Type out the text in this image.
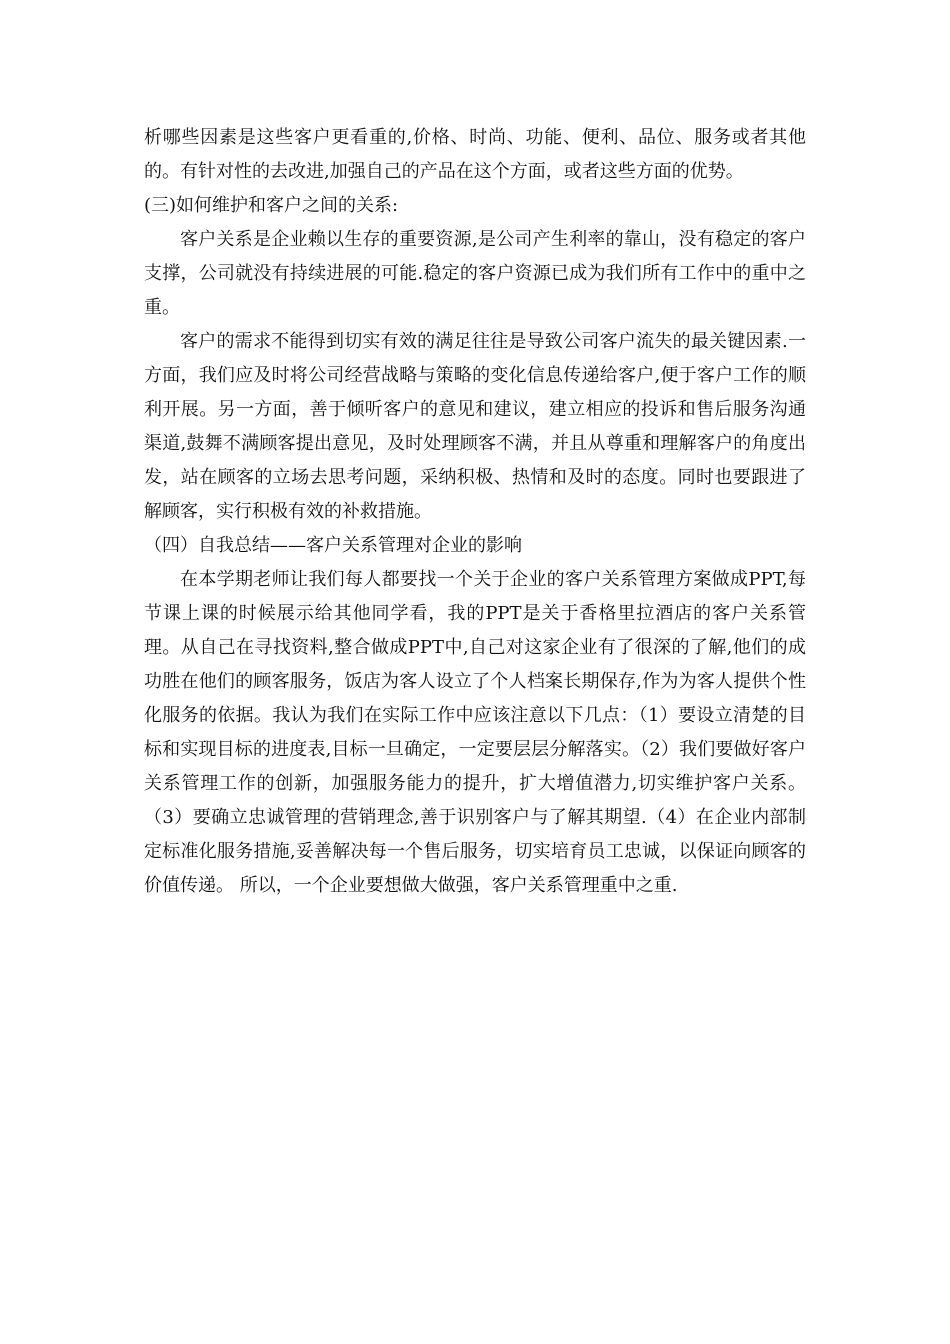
析哪些因素是这些客户更看重的,价格、时尚、功能、便利、品位、服务或者其他的。有针对性的去改进,加强自己的产品在这个方面，或者这些方面的优势。

(三)如何维护和客户之间的关系:

客户关系是企业赖以生存的重要资源,是公司产生利率的靠山，没有稳定的客户支撑，公司就没有持续进展的可能.稳定的客户资源已成为我们所有工作中的重中之重。

客户的需求不能得到切实有效的满足往往是导致公司客户流失的最关键因素.一方面，我们应及时将公司经营战略与策略的变化信息传递给客户,便于客户工作的顺利开展。另一方面，善于倾听客户的意见和建议，建立相应的投诉和售后服务沟通渠道,鼓舞不满顾客提出意见，及时处理顾客不满，并且从尊重和理解客户的角度出发，站在顾客的立场去思考问题，采纳积极、热情和及时的态度。同时也要跟进了解顾客，实行积极有效的补救措施。

（四）自我总结——客户关系管理对企业的影响

在本学期老师让我们每人都要找一个关于企业的客户关系管理方案做成PPT,每节课上课的时候展示给其他同学看，我的PPT是关于香格里拉酒店的客户关系管理。从自己在寻找资料,整合做成PPT中,自己对这家企业有了很深的了解,他们的成功胜在他们的顾客服务，饭店为客人设立了个人档案长期保存,作为为客人提供个性化服务的依据。我认为我们在实际工作中应该注意以下几点：（1）要设立清楚的目标和实现目标的进度表,目标一旦确定，一定要层层分解落实。（2）我们要做好客户关系管理工作的创新，加强服务能力的提升，扩大增值潜力,切实维护客户关系。（3）要确立忠诚管理的营销理念,善于识别客户与了解其期望.（4）在企业内部制定标准化服务措施,妥善解决每一个售后服务，切实培育员工忠诚，以保证向顾客的价值传递。 所以，一个企业要想做大做强，客户关系管理重中之重.
